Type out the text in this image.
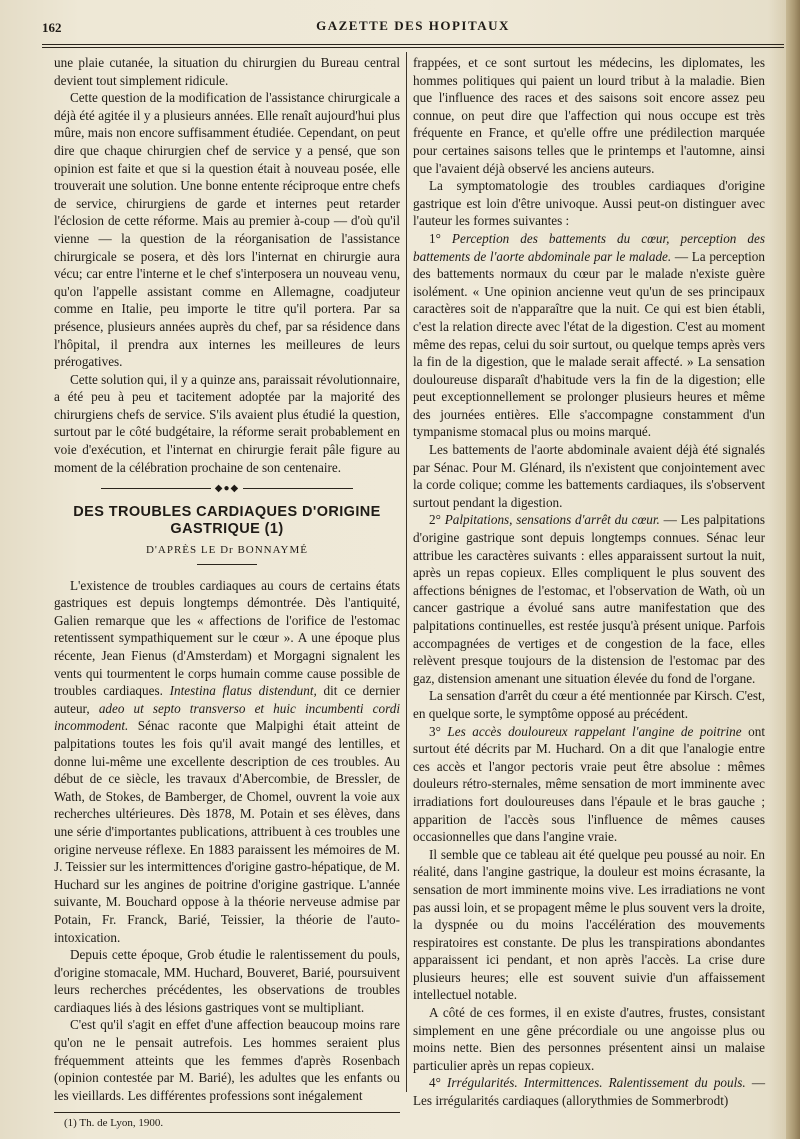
162	GAZETTE DES HOPITAUX

une plaie cutanée, la situation du chirurgien du Bureau central devient tout simplement ridicule.

Cette question de la modification de l'assistance chirurgicale a déjà été agitée il y a plusieurs années. Elle renaît aujourd'hui plus mûre, mais non encore suffisamment étudiée. Cependant, on peut dire que chaque chirurgien chef de service y a pensé, que son opinion est faite et que si la question était à nouveau posée, elle trouverait une solution. Une bonne entente réciproque entre chefs de service, chirurgiens de garde et internes peut retarder l'éclosion de cette réforme. Mais au premier à-coup — d'où qu'il vienne — la question de la réorganisation de l'assistance chirurgicale se posera, et dès lors l'internat en chirurgie aura vécu; car entre l'interne et le chef s'interposera un nouveau venu, qu'on l'appelle assistant comme en Allemagne, coadjuteur comme en Italie, peu importe le titre qu'il portera. Par sa présence, plusieurs années auprès du chef, par sa résidence dans l'hôpital, il prendra aux internes les meilleures de leurs prérogatives.

Cette solution qui, il y a quinze ans, paraissait révolutionnaire, a été peu à peu et tacitement adoptée par la majorité des chirurgiens chefs de service. S'ils avaient plus étudié la question, surtout par le côté budgétaire, la réforme serait probablement en voie d'exécution, et l'internat en chirurgie ferait pâle figure au moment de la célébration prochaine de son centenaire.

◆●◆
DES TROUBLES CARDIAQUES D'ORIGINE GASTRIQUE (1)
D'APRÈS LE Dr BONNAYMÉ

L'existence de troubles cardiaques au cours de certains états gastriques est depuis longtemps démontrée. Dès l'antiquité, Galien remarque que les « affections de l'orifice de l'estomac retentissent sympathiquement sur le cœur ». A une époque plus récente, Jean Fienus (d'Amsterdam) et Morgagni signalent les vents qui tourmentent le corps humain comme cause possible de troubles cardiaques. Intestina flatus distendunt, dit ce dernier auteur, adeo ut septo transverso et huic incumbenti cordi incommodent. Sénac raconte que Malpighi était atteint de palpitations toutes les fois qu'il avait mangé des lentilles, et donne lui-même une excellente description de ces troubles. Au début de ce siècle, les travaux d'Abercombie, de Bressler, de Wath, de Stokes, de Bamberger, de Chomel, ouvrent la voie aux recherches ultérieures. Dès 1878, M. Potain et ses élèves, dans une série d'importantes publications, attribuent à ces troubles une origine nerveuse réflexe. En 1883 paraissent les mémoires de M. J. Teissier sur les intermittences d'origine gastro-hépatique, de M. Huchard sur les angines de poitrine d'origine gastrique. L'année suivante, M. Bouchard oppose à la théorie nerveuse admise par Potain, Fr. Franck, Barié, Teissier, la théorie de l'auto-intoxication.

Depuis cette époque, Grob étudie le ralentissement du pouls, d'origine stomacale, MM. Huchard, Bouveret, Barié, poursuivent leurs recherches précédentes, les observations de troubles cardiaques liés à des lésions gastriques vont se multipliant.

C'est qu'il s'agit en effet d'une affection beaucoup moins rare qu'on ne le pensait autrefois. Les hommes seraient plus fréquemment atteints que les femmes d'après Rosenbach (opinion contestée par M. Barié), les adultes que les enfants ou les vieillards. Les différentes professions sont inégalement

(1) Th. de Lyon, 1900.

frappées, et ce sont surtout les médecins, les diplomates, les hommes politiques qui paient un lourd tribut à la maladie. Bien que l'influence des races et des saisons soit encore assez peu connue, on peut dire que l'affection qui nous occupe est très fréquente en France, et qu'elle offre une prédilection marquée pour certaines saisons telles que le printemps et l'automne, ainsi que l'avaient déjà observé les anciens auteurs.

La symptomatologie des troubles cardiaques d'origine gastrique est loin d'être univoque. Aussi peut-on distinguer avec l'auteur les formes suivantes :

1° Perception des battements du cœur, perception des battements de l'aorte abdominale par le malade. — La perception des battements normaux du cœur par le malade n'existe guère isolément. « Une opinion ancienne veut qu'un de ses principaux caractères soit de n'apparaître que la nuit. Ce qui est bien établi, c'est la relation directe avec l'état de la digestion. C'est au moment même des repas, celui du soir surtout, ou quelque temps après vers la fin de la digestion, que le malade serait affecté. » La sensation douloureuse disparaît d'habitude vers la fin de la digestion; elle peut exceptionnellement se prolonger plusieurs heures et même des journées entières. Elle s'accompagne constamment d'un tympanisme stomacal plus ou moins marqué.

Les battements de l'aorte abdominale avaient déjà été signalés par Sénac. Pour M. Glénard, ils n'existent que conjointement avec la corde colique; comme les battements cardiaques, ils s'observent surtout pendant la digestion.

2° Palpitations, sensations d'arrêt du cœur. — Les palpitations d'origine gastrique sont depuis longtemps connues. Sénac leur attribue les caractères suivants : elles apparaissent surtout la nuit, après un repas copieux. Elles compliquent le plus souvent des affections bénignes de l'estomac, et l'observation de Wath, où un cancer gastrique a évolué sans autre manifestation que des palpitations continuelles, est restée jusqu'à présent unique. Parfois accompagnées de vertiges et de congestion de la face, elles relèvent presque toujours de la distension de l'estomac par des gaz, distension amenant une situation élevée du fond de l'organe.

La sensation d'arrêt du cœur a été mentionnée par Kirsch. C'est, en quelque sorte, le symptôme opposé au précédent.

3° Les accès douloureux rappelant l'angine de poitrine ont surtout été décrits par M. Huchard. On a dit que l'analogie entre ces accès et l'angor pectoris vraie peut être absolue : mêmes douleurs rétro-sternales, même sensation de mort imminente avec irradiations fort douloureuses dans l'épaule et le bras gauche ; apparition de l'accès sous l'influence de mêmes causes occasionnelles que dans l'angine vraie.

Il semble que ce tableau ait été quelque peu poussé au noir. En réalité, dans l'angine gastrique, la douleur est moins écrasante, la sensation de mort imminente moins vive. Les irradiations ne vont pas aussi loin, et se propagent même le plus souvent vers la droite, la dyspnée ou du moins l'accélération des mouvements respiratoires est constante. De plus les transpirations abondantes apparaissent ici pendant, et non après l'accès. La crise dure plusieurs heures; elle est souvent suivie d'un affaissement intellectuel notable.

A côté de ces formes, il en existe d'autres, frustes, consistant simplement en une gêne précordiale ou une angoisse plus ou moins nette. Bien des personnes présentent ainsi un malaise particulier après un repas copieux.

4° Irrégularités. Intermittences. Ralentissement du pouls. — Les irrégularités cardiaques (allorythmies de Sommerbrodt)
